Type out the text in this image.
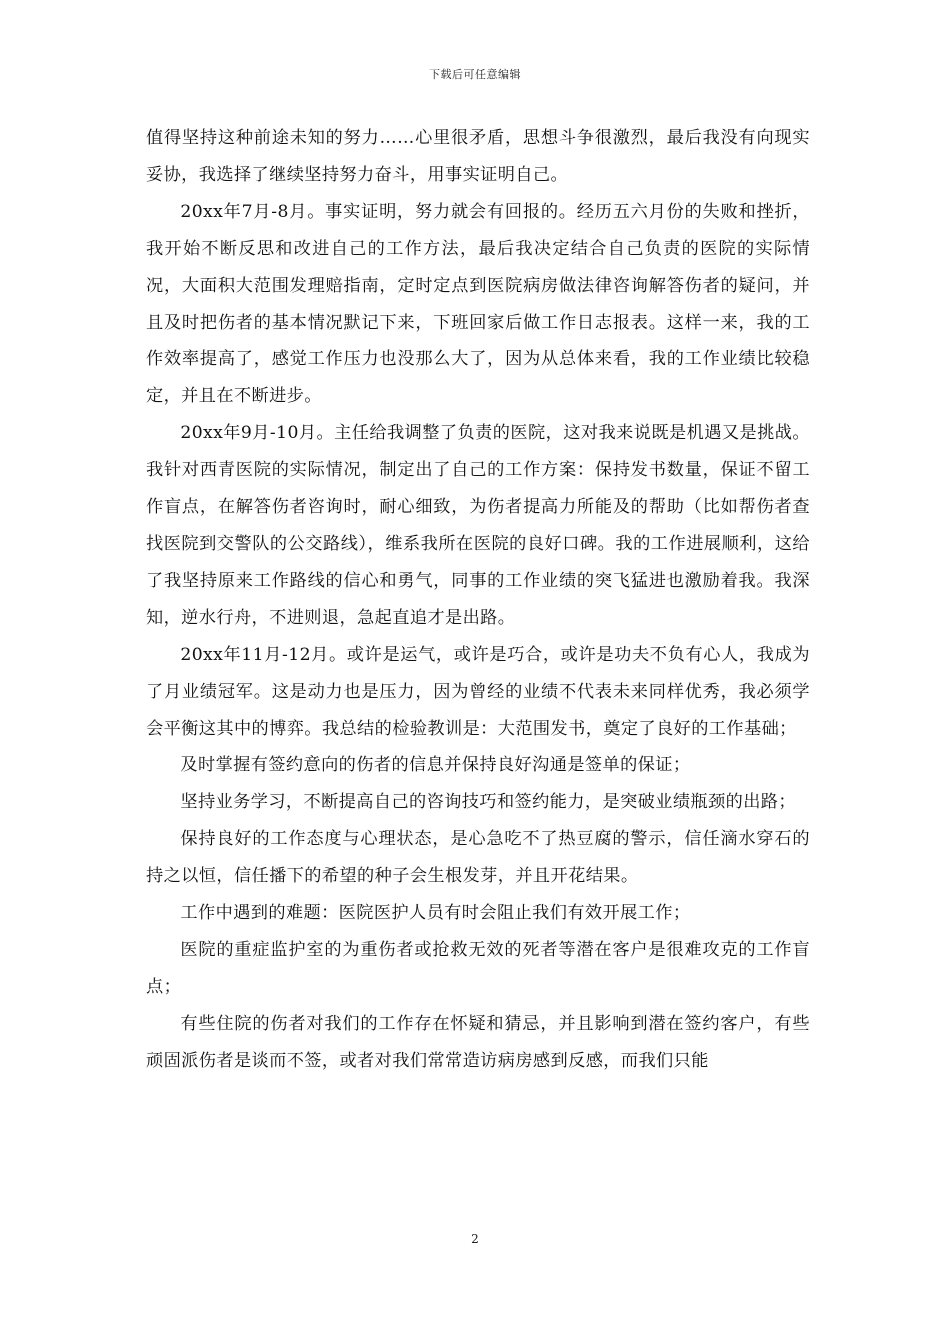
下载后可任意编辑

值得坚持这种前途未知的努力……心里很矛盾，思想斗争很激烈，最后我没有向现实妥协，我选择了继续坚持努力奋斗，用事实证明自己。

20xx年7月-8月。事实证明，努力就会有回报的。经历五六月份的失败和挫折，我开始不断反思和改进自己的工作方法，最后我决定结合自己负责的医院的实际情况，大面积大范围发理赔指南，定时定点到医院病房做法律咨询解答伤者的疑问，并且及时把伤者的基本情况默记下来，下班回家后做工作日志报表。这样一来，我的工作效率提高了，感觉工作压力也没那么大了，因为从总体来看，我的工作业绩比较稳定，并且在不断进步。

20xx年9月-10月。主任给我调整了负责的医院，这对我来说既是机遇又是挑战。我针对西青医院的实际情况，制定出了自己的工作方案：保持发书数量，保证不留工作盲点，在解答伤者咨询时，耐心细致，为伤者提高力所能及的帮助（比如帮伤者查找医院到交警队的公交路线），维系我所在医院的良好口碑。我的工作进展顺利，这给了我坚持原来工作路线的信心和勇气，同事的工作业绩的突飞猛进也激励着我。我深知，逆水行舟，不进则退，急起直追才是出路。

20xx年11月-12月。或许是运气，或许是巧合，或许是功夫不负有心人，我成为了月业绩冠军。这是动力也是压力，因为曾经的业绩不代表未来同样优秀，我必须学会平衡这其中的博弈。我总结的检验教训是：大范围发书，奠定了良好的工作基础；

及时掌握有签约意向的伤者的信息并保持良好沟通是签单的保证；

坚持业务学习，不断提高自己的咨询技巧和签约能力，是突破业绩瓶颈的出路；

保持良好的工作态度与心理状态，是心急吃不了热豆腐的警示，信任滴水穿石的持之以恒，信任播下的希望的种子会生根发芽，并且开花结果。

工作中遇到的难题：医院医护人员有时会阻止我们有效开展工作；

医院的重症监护室的为重伤者或抢救无效的死者等潜在客户是很难攻克的工作盲点；

有些住院的伤者对我们的工作存在怀疑和猜忌，并且影响到潜在签约客户，有些顽固派伤者是谈而不签，或者对我们常常造访病房感到反感，而我们只能

2
